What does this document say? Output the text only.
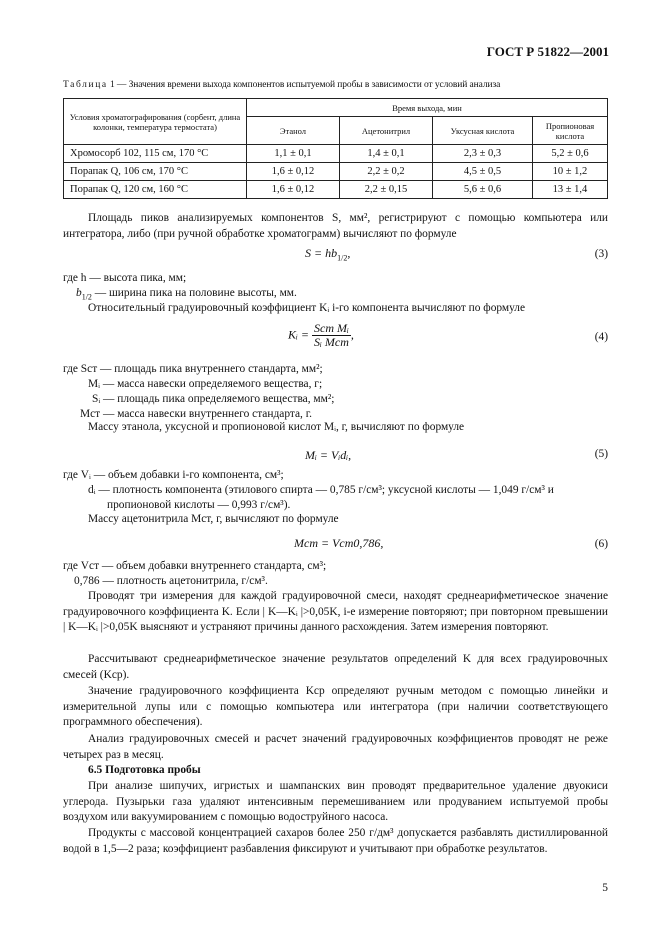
ГОСТ Р 51822—2001
Таблица 1 — Значения времени выхода компонентов испытуемой пробы в зависимости от условий анализа
Условия хроматографирования (сорбент, длина колонки, температура термостата)	Время выхода, мин			
	Этанол	Ацетонитрил	Уксусная кислота	Пропионовая кислота
Хромосорб 102, 115 см, 170 °С	1,1 ± 0,1	1,4 ± 0,1	2,3 ± 0,3	5,2 ± 0,6
Порапак Q, 106 см, 170 °С	1,6 ± 0,12	2,2 ± 0,2	4,5 ± 0,5	10 ± 1,2
Порапак Q, 120 см, 160 °С	1,6 ± 0,12	2,2 ± 0,15	5,6 ± 0,6	13 ± 1,4
Площадь пиков анализируемых компонентов S, мм², регистрируют с помощью компьютера или интегратора, либо (при ручной обработке хроматограмм) вычисляют по формуле
$S = hb_{1/2}$,	(3)
где h — высота пика, мм;
$b_{1/2}$ — ширина пика на половине высоты, мм.
Относительный градуировочный коэффициент Kᵢ i-го компонента вычисляют по формуле
Kᵢ = $\frac{\text{Sст Mᵢ}}{\text{Sᵢ Mст}}$ ,	(4)
где Sст — площадь пика внутреннего стандарта, мм²;
Mᵢ — масса навески определяемого вещества, г;
Sᵢ — площадь пика определяемого вещества, мм²;
Mст — масса навески внутреннего стандарта, г.
Массу этанола, уксусной и пропионовой кислот Mᵢ, г, вычисляют по формуле
Mᵢ = Vᵢdᵢ,	(5)
где Vᵢ — объем добавки i-го компонента, см³;
dᵢ — плотность компонента (этилового спирта — 0,785 г/см³; уксусной кислоты — 1,049 г/см³ и
пропионовой кислоты — 0,993 г/см³).
Массу ацетонитрила Mст, г, вычисляют по формуле
Mст = Vст0,786,	(6)
где Vст — объем добавки внутреннего стандарта, см³;
0,786 — плотность ацетонитрила, г/см³.
Проводят три измерения для каждой градуировочной смеси, находят среднеарифметическое значение градуировочного коэффициента K. Если | K—Kᵢ |>0,05K, i-е измерение повторяют; при повторном превышении | K—Kᵢ |>0,05K выясняют и устраняют причины данного расхождения. Затем измерения повторяют.
Рассчитывают среднеарифметическое значение результатов определений K для всех градуировочных смесей (Kср).
Значение градуировочного коэффициента Kср определяют ручным методом с помощью линейки и измерительной лупы или с помощью компьютера или интегратора (при наличии соответствующего программного обеспечения).
Анализ градуировочных смесей и расчет значений градуировочных коэффициентов проводят не реже четырех раз в месяц.
6.5 Подготовка пробы
При анализе шипучих, игристых и шампанских вин проводят предварительное удаление двуокиси углерода. Пузырьки газа удаляют интенсивным перемешиванием или продуванием испытуемой пробы воздухом или вакуумированием с помощью водоструйного насоса.
Продукты с массовой концентрацией сахаров более 250 г/дм³ допускается разбавлять дистиллированной водой в 1,5—2 раза; коэффициент разбавления фиксируют и учитывают при обработке результатов.
5
